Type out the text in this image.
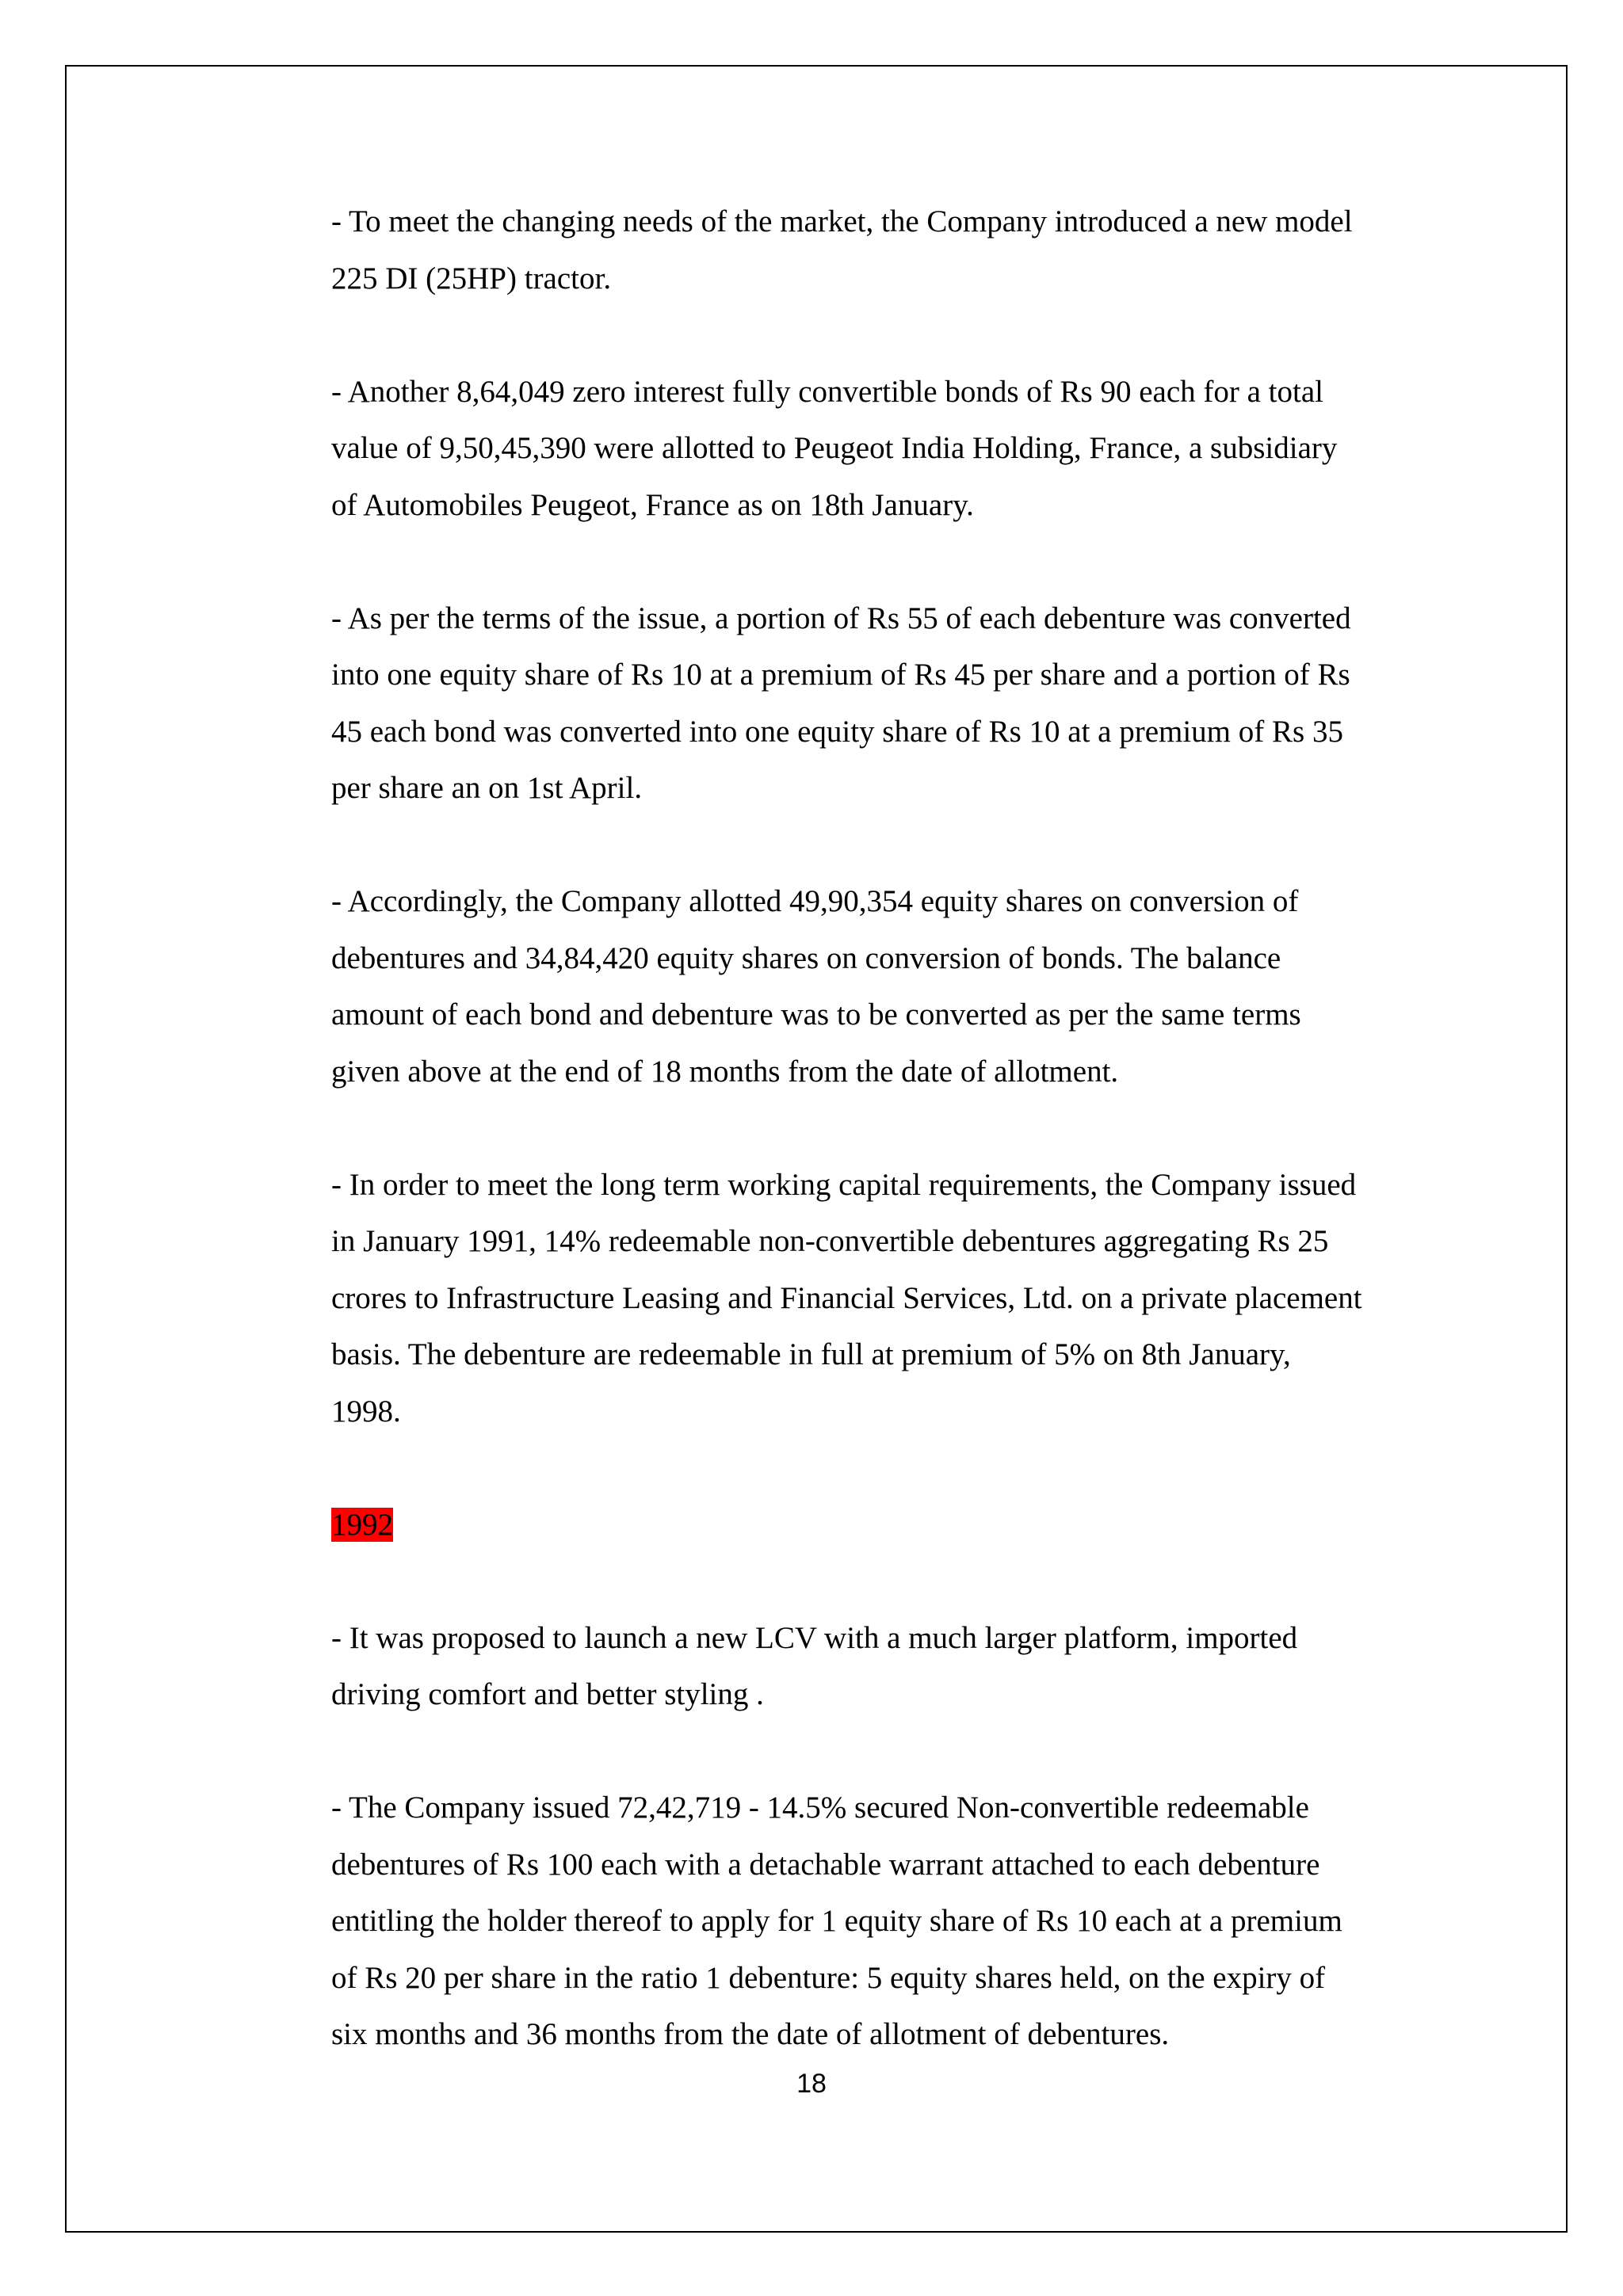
- To meet the changing needs of the market, the Company introduced a new model
225 DI (25HP) tractor.

- Another 8,64,049 zero interest fully convertible bonds of Rs 90 each for a total
value of 9,50,45,390 were allotted to Peugeot India Holding, France, a subsidiary
of Automobiles Peugeot, France as on 18th January.

- As per the terms of the issue, a portion of Rs 55 of each debenture was converted
into one equity share of Rs 10 at a premium of Rs 45 per share and a portion of Rs
45 each bond was converted into one equity share of Rs 10 at a premium of Rs 35
per share an on 1st April.

- Accordingly, the Company allotted 49,90,354 equity shares on conversion of
debentures and 34,84,420 equity shares on conversion of bonds. The balance
amount of each bond and debenture was to be converted as per the same terms
given above at the end of 18 months from the date of allotment.

- In order to meet the long term working capital requirements, the Company issued
in January 1991, 14% redeemable non-convertible debentures aggregating Rs 25
crores to Infrastructure Leasing and Financial Services, Ltd. on a private placement
basis. The debenture are redeemable in full at premium of 5% on 8th January,
1998.

1992

- It was proposed to launch a new LCV with a much larger platform, imported
driving comfort and better styling .

- The Company issued 72,42,719 - 14.5% secured Non-convertible redeemable
debentures of Rs 100 each with a detachable warrant attached to each debenture
entitling the holder thereof to apply for 1 equity share of Rs 10 each at a premium
of Rs 20 per share in the ratio 1 debenture: 5 equity shares held, on the expiry of
six months and 36 months from the date of allotment of debentures.

18
